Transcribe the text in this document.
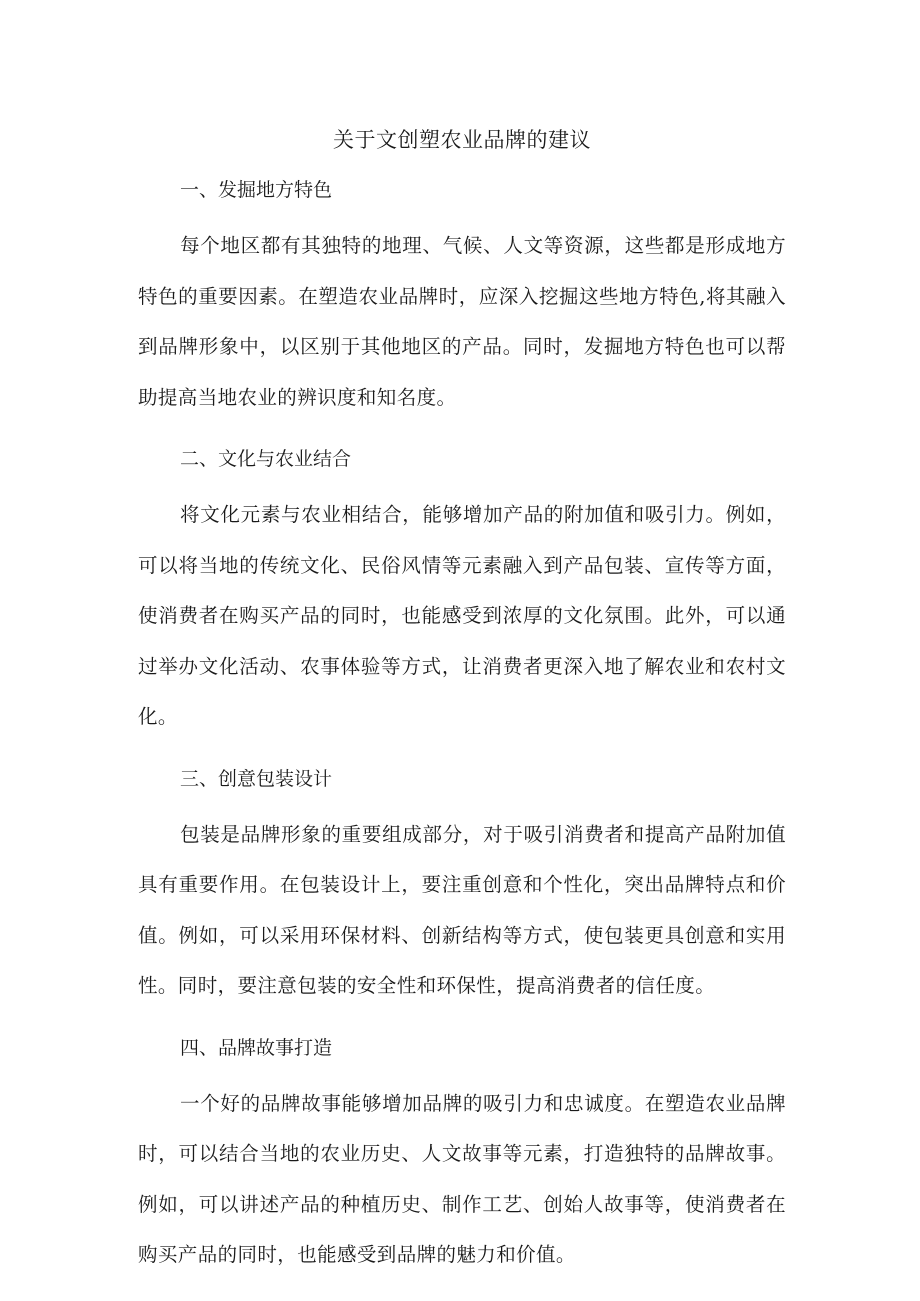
关于文创塑农业品牌的建议
一、发掘地方特色

每个地区都有其独特的地理、气候、人文等资源，这些都是形成地方特色的重要因素。在塑造农业品牌时，应深入挖掘这些地方特色,将其融入到品牌形象中，以区别于其他地区的产品。同时，发掘地方特色也可以帮助提高当地农业的辨识度和知名度。

二、文化与农业结合

将文化元素与农业相结合，能够增加产品的附加值和吸引力。例如，可以将当地的传统文化、民俗风情等元素融入到产品包装、宣传等方面，使消费者在购买产品的同时，也能感受到浓厚的文化氛围。此外，可以通过举办文化活动、农事体验等方式，让消费者更深入地了解农业和农村文化。

三、创意包装设计

包装是品牌形象的重要组成部分，对于吸引消费者和提高产品附加值具有重要作用。在包装设计上，要注重创意和个性化，突出品牌特点和价值。例如，可以采用环保材料、创新结构等方式，使包装更具创意和实用性。同时，要注意包装的安全性和环保性，提高消费者的信任度。

四、品牌故事打造

一个好的品牌故事能够增加品牌的吸引力和忠诚度。在塑造农业品牌时，可以结合当地的农业历史、人文故事等元素，打造独特的品牌故事。例如，可以讲述产品的种植历史、制作工艺、创始人故事等，使消费者在购买产品的同时，也能感受到品牌的魅力和价值。
